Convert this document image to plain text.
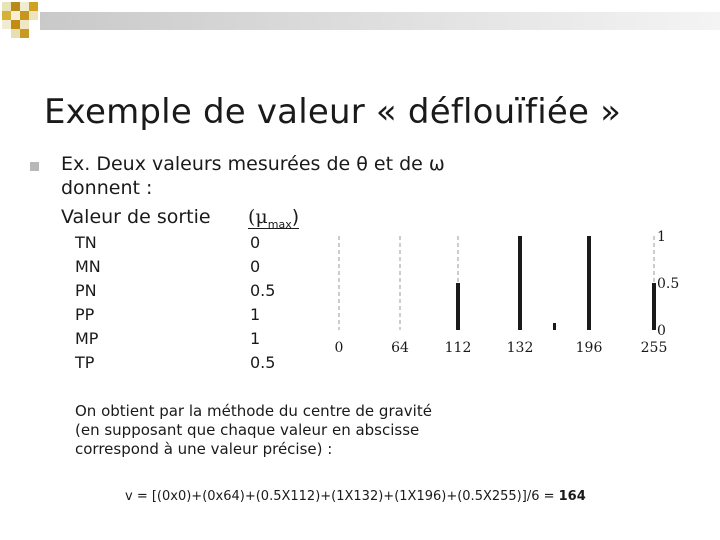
Exemple de valeur « déflouïfiée »
Ex. Deux valeurs mesurées de θ et de ω
donnent :
Valeur de sortie $(\mu_{max})$
TN	0
MN	0
PN	0.5
PP	1
MP	1
TP	0.5
0	64	112	132	196	255
1
0.5
0
On obtient par la méthode du centre de gravité (en supposant que chaque valeur en abscisse correspond à une valeur précise) :
v = [(0x0)+(0x64)+(0.5X112)+(1X132)+(1X196)+(0.5X255)]/6 = 164
